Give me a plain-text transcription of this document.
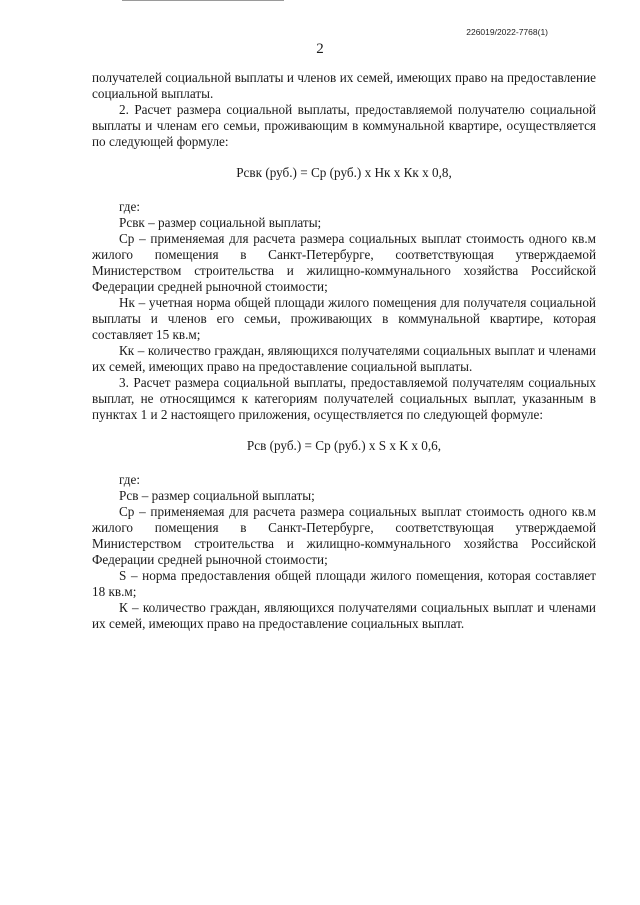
226019/2022-7768(1)
2

получателей социальной выплаты и членов их семей, имеющих право на предоставление социальной выплаты.

2. Расчет размера социальной выплаты, предоставляемой получателю социальной выплаты и членам его семьи, проживающим в коммунальной квартире, осуществляется по следующей формуле:

Рсвк (руб.) = Ср (руб.) x Нк x Кк x 0,8,

где:

Рсвк – размер социальной выплаты;

Ср – применяемая для расчета размера социальных выплат стоимость одного кв.м жилого помещения в Санкт-Петербурге, соответствующая утверждаемой Министерством строительства и жилищно-коммунального хозяйства Российской Федерации средней рыночной стоимости;

Нк – учетная норма общей площади жилого помещения для получателя социальной выплаты и членов его семьи, проживающих в коммунальной квартире, которая составляет 15 кв.м;

Кк – количество граждан, являющихся получателями социальных выплат и членами их семей, имеющих право на предоставление социальной выплаты.

3. Расчет размера социальной выплаты, предоставляемой получателям социальных выплат, не относящимся к категориям получателей социальных выплат, указанным в пунктах 1 и 2 настоящего приложения, осуществляется по следующей формуле:

Рсв (руб.) = Ср (руб.) x S x К x 0,6,

где:

Рсв – размер социальной выплаты;

Ср – применяемая для расчета размера социальных выплат стоимость одного кв.м жилого помещения в Санкт-Петербурге, соответствующая утверждаемой Министерством строительства и жилищно-коммунального хозяйства Российской Федерации средней рыночной стоимости;

S – норма предоставления общей площади жилого помещения, которая составляет 18 кв.м;

К – количество граждан, являющихся получателями социальных выплат и членами их семей, имеющих право на предоставление социальных выплат.
